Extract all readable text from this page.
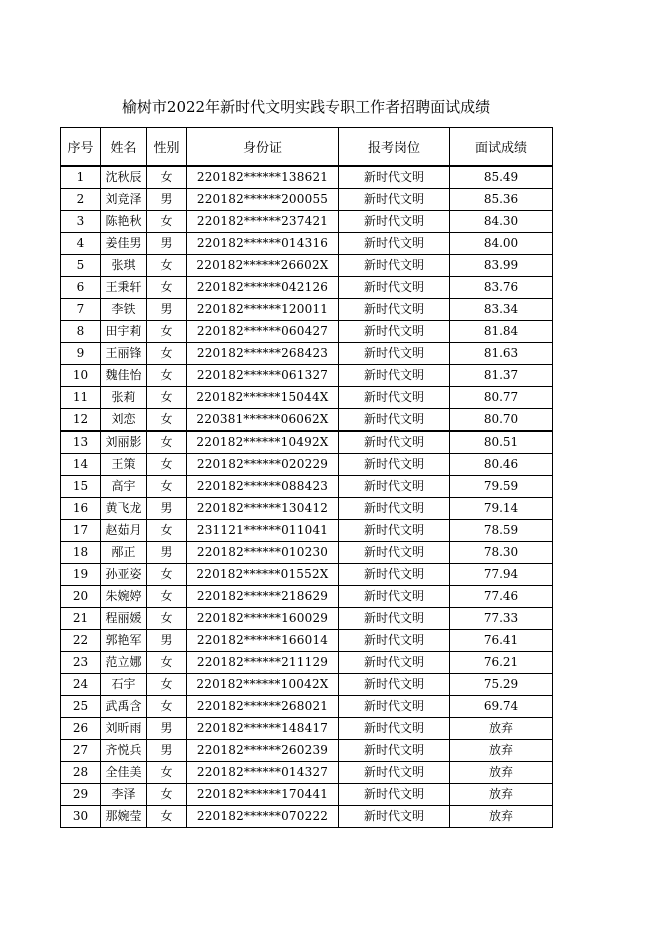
榆树市2022年新时代文明实践专职工作者招聘面试成绩
序号	姓名	性别	身份证	报考岗位	面试成绩
1	沈秋辰	女	220182******138621	新时代文明	85.49
2	刘竞泽	男	220182******200055	新时代文明	85.36
3	陈艳秋	女	220182******237421	新时代文明	84.30
4	姜佳男	男	220182******014316	新时代文明	84.00
5	张琪	女	220182******26602X	新时代文明	83.99
6	王秉轩	女	220182******042126	新时代文明	83.76
7	李铁	男	220182******120011	新时代文明	83.34
8	田宇莉	女	220182******060427	新时代文明	81.84
9	王丽锋	女	220182******268423	新时代文明	81.63
10	魏佳怡	女	220182******061327	新时代文明	81.37
11	张莉	女	220182******15044X	新时代文明	80.77
12	刘恋	女	220381******06062X	新时代文明	80.70
13	刘丽影	女	220182******10492X	新时代文明	80.51
14	王策	女	220182******020229	新时代文明	80.46
15	高宇	女	220182******088423	新时代文明	79.59
16	黄飞龙	男	220182******130412	新时代文明	79.14
17	赵茹月	女	231121******011041	新时代文明	78.59
18	邴正	男	220182******010230	新时代文明	78.30
19	孙亚姿	女	220182******01552X	新时代文明	77.94
20	朱婉婷	女	220182******218629	新时代文明	77.46
21	程丽媛	女	220182******160029	新时代文明	77.33
22	郭艳军	男	220182******166014	新时代文明	76.41
23	范立娜	女	220182******211129	新时代文明	76.21
24	石宇	女	220182******10042X	新时代文明	75.29
25	武禹含	女	220182******268021	新时代文明	69.74
26	刘昕雨	男	220182******148417	新时代文明	放弃
27	齐悦兵	男	220182******260239	新时代文明	放弃
28	全佳美	女	220182******014327	新时代文明	放弃
29	李泽	女	220182******170441	新时代文明	放弃
30	那婉莹	女	220182******070222	新时代文明	放弃
